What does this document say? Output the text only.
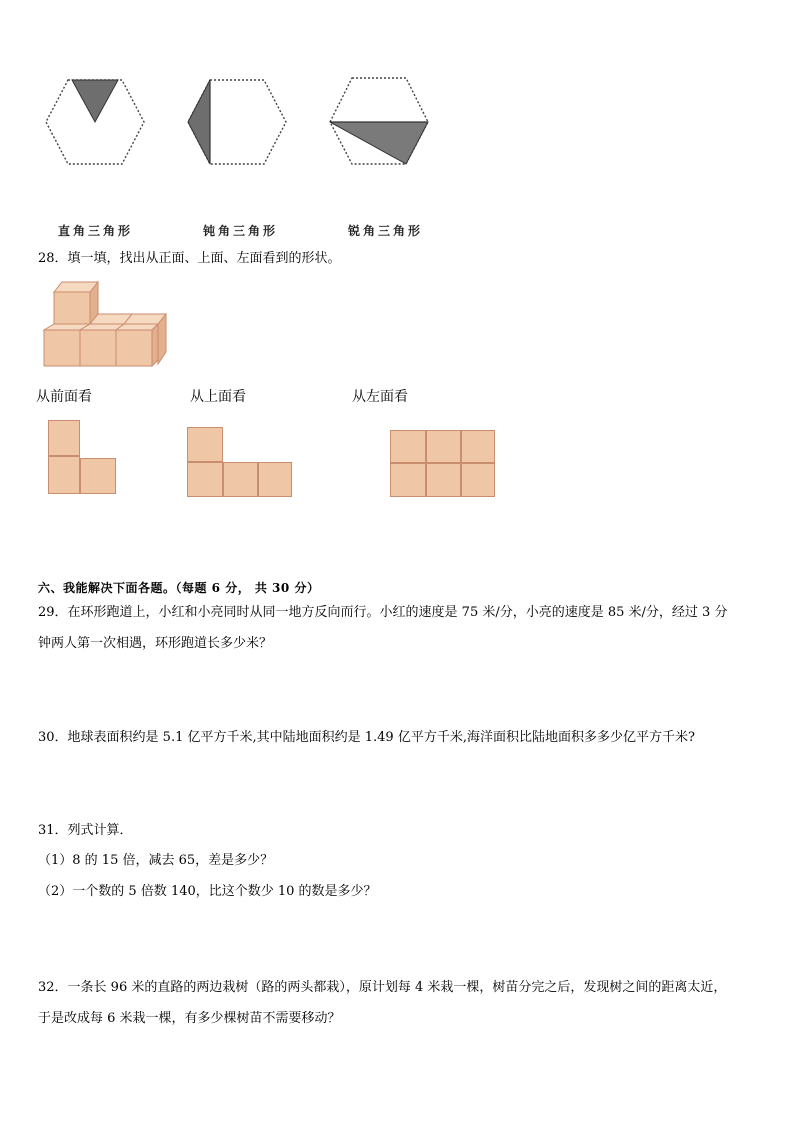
直角三角形	钝角三角形	锐角三角形
28．填一填，找出从正面、上面、左面看到的形状。
从前面看	从上面看	从左面看
六、我能解决下面各题。（每题 6 分， 共 30 分）
29．在环形跑道上，小红和小亮同时从同一地方反向而行。小红的速度是 75 米/分，小亮的速度是 85 米/分，经过 3 分
钟两人第一次相遇，环形跑道长多少米？
30．地球表面积约是 5.1 亿平方千米,其中陆地面积约是 1.49 亿平方千米,海洋面积比陆地面积多多少亿平方千米?
31．列式计算．
（1）8 的 15 倍，减去 65，差是多少？
（2）一个数的 5 倍数 140，比这个数少 10 的数是多少？
32．一条长 96 米的直路的两边栽树（路的两头都栽），原计划每 4 米栽一棵，树苗分完之后，发现树之间的距离太近，
于是改成每 6 米栽一棵，有多少棵树苗不需要移动？
